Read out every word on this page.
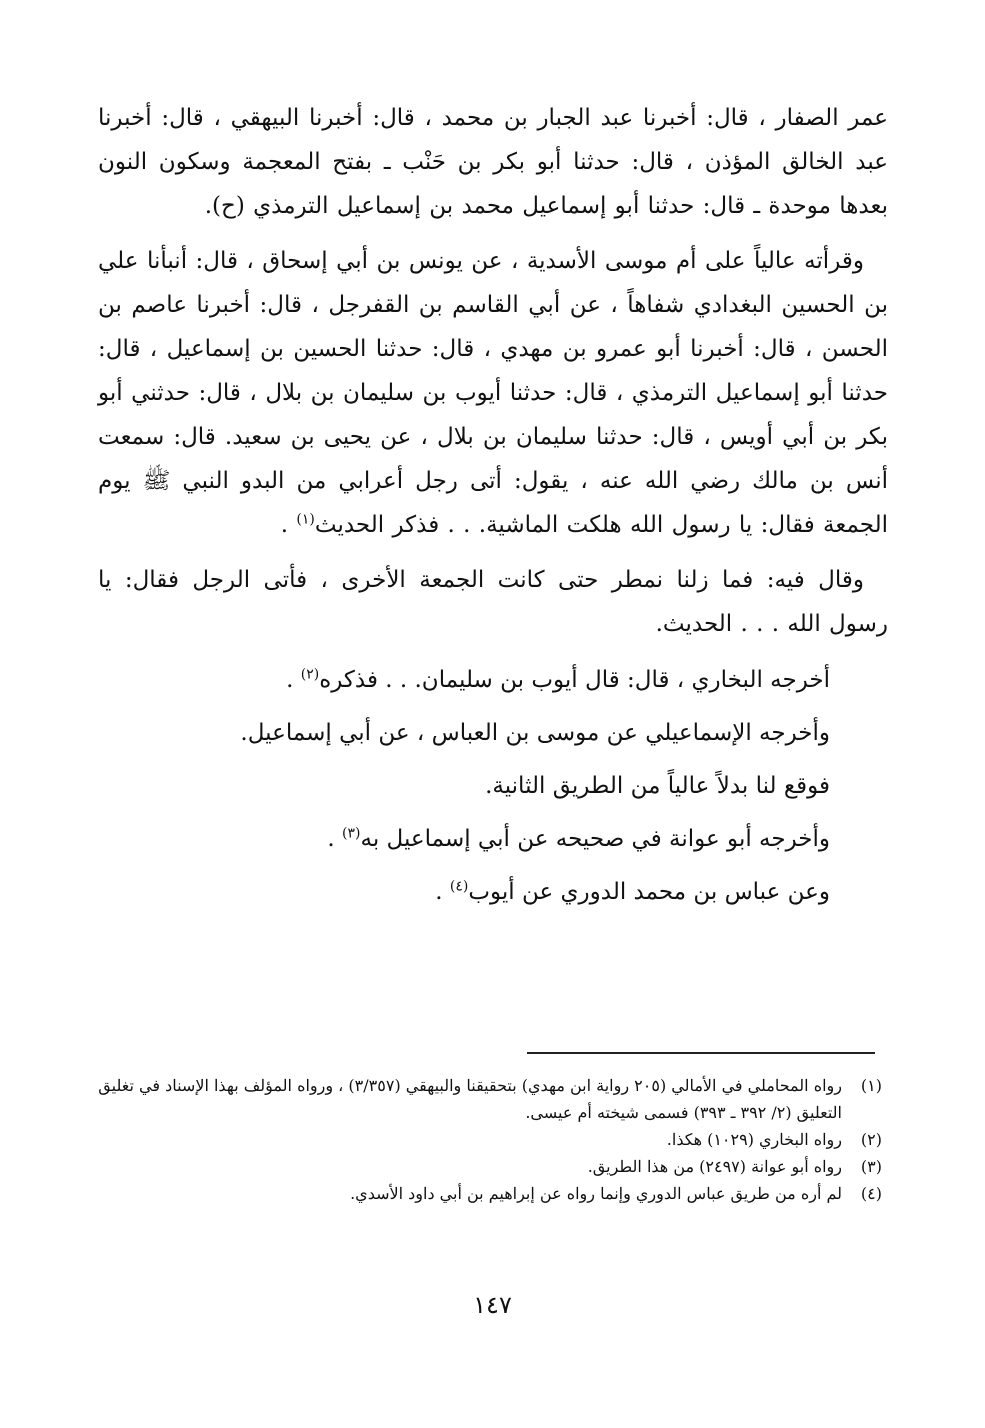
عمر الصفار ، قال: أخبرنا عبد الجبار بن محمد ، قال: أخبرنا البيهقي ، قال: أخبرنا عبد الخالق المؤذن ، قال: حدثنا أبو بكر بن حَنْب ـ بفتح المعجمة وسكون النون بعدها موحدة ـ قال: حدثنا أبو إسماعيل محمد بن إسماعيل الترمذي (ح).

وقرأته عالياً على أم موسى الأسدية ، عن يونس بن أبي إسحاق ، قال: أنبأنا علي بن الحسين البغدادي شفاهاً ، عن أبي القاسم بن القفرجل ، قال: أخبرنا عاصم بن الحسن ، قال: أخبرنا أبو عمرو بن مهدي ، قال: حدثنا الحسين بن إسماعيل ، قال: حدثنا أبو إسماعيل الترمذي ، قال: حدثنا أيوب بن سليمان بن بلال ، قال: حدثني أبو بكر بن أبي أويس ، قال: حدثنا سليمان بن بلال ، عن يحيى بن سعيد. قال: سمعت أنس بن مالك رضي الله عنه ، يقول: أتى رجل أعرابي من البدو النبي ﷺ يوم الجمعة فقال: يا رسول الله هلكت الماشية. . . فذكر الحديث$^{(١)}$ .

وقال فيه: فما زلنا نمطر حتى كانت الجمعة الأخرى ، فأتى الرجل فقال: يا رسول الله . . . الحديث.

أخرجه البخاري ، قال: قال أيوب بن سليمان. . . فذكره$^{(٢)}$ .

وأخرجه الإسماعيلي عن موسى بن العباس ، عن أبي إسماعيل.

فوقع لنا بدلاً عالياً من الطريق الثانية.

وأخرجه أبو عوانة في صحيحه عن أبي إسماعيل به$^{(٣)}$ .

وعن عباس بن محمد الدوري عن أيوب$^{(٤)}$ .

(١)
رواه المحاملي في الأمالي (٢٠٥ رواية ابن مهدي) بتحقيقنا والبيهقي (٣/٣٥٧) ، ورواه المؤلف بهذا الإسناد في تغليق التعليق (٢/ ٣٩٢ ـ ٣٩٣) فسمى شيخته أم عيسى.
(٢)
رواه البخاري (١٠٢٩) هكذا.
(٣)
رواه أبو عوانة (٢٤٩٧) من هذا الطريق.
(٤)
لم أره من طريق عباس الدوري وإنما رواه عن إبراهيم بن أبي داود الأسدي.
١٤٧
